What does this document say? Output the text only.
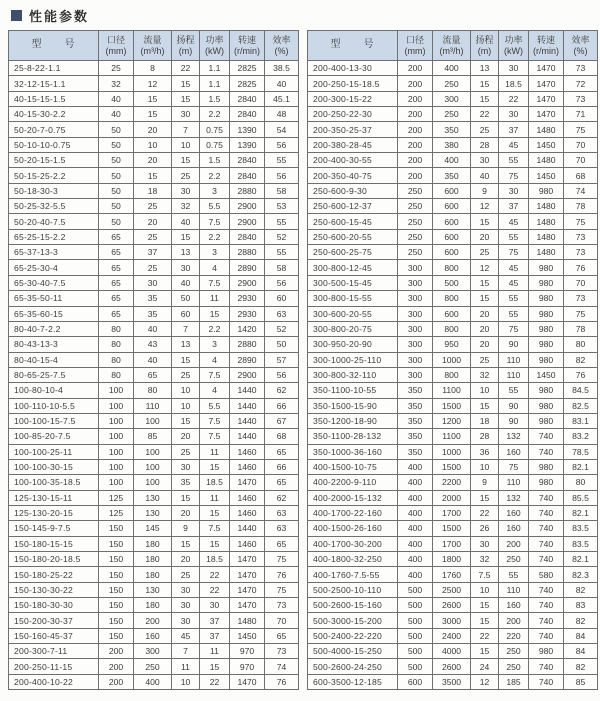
性能参数
型　　号	口径
(mm)

流量
(m³/h)

扬程
(m)

功率
(kW)

转速
(r/min)

效率
(%)

25-8-22-1.1	25	8	22	1.1	2825	38.5
32-12-15-1.1	32	12	15	1.1	2825	40
40-15-15-1.5	40	15	15	1.5	2840	45.1
40-15-30-2.2	40	15	30	2.2	2840	48
50-20-7-0.75	50	20	7	0.75	1390	54
50-10-10-0.75	50	10	10	0.75	1390	56
50-20-15-1.5	50	20	15	1.5	2840	55
50-15-25-2.2	50	15	25	2.2	2840	56
50-18-30-3	50	18	30	3	2880	58
50-25-32-5.5	50	25	32	5.5	2900	53
50-20-40-7.5	50	20	40	7.5	2900	55
65-25-15-2.2	65	25	15	2.2	2840	52
65-37-13-3	65	37	13	3	2880	55
65-25-30-4	65	25	30	4	2890	58
65-30-40-7.5	65	30	40	7.5	2900	56
65-35-50-11	65	35	50	11	2930	60
65-35-60-15	65	35	60	15	2930	63
80-40-7-2.2	80	40	7	2.2	1420	52
80-43-13-3	80	43	13	3	2880	50
80-40-15-4	80	40	15	4	2890	57
80-65-25-7.5	80	65	25	7.5	2900	56
100-80-10-4	100	80	10	4	1440	62
100-110-10-5.5	100	110	10	5.5	1440	66
100-100-15-7.5	100	100	15	7.5	1440	67
100-85-20-7.5	100	85	20	7.5	1440	68
100-100-25-11	100	100	25	11	1460	65
100-100-30-15	100	100	30	15	1460	66
100-100-35-18.5	100	100	35	18.5	1470	65
125-130-15-11	125	130	15	11	1460	62
125-130-20-15	125	130	20	15	1460	63
150-145-9-7.5	150	145	9	7.5	1440	63
150-180-15-15	150	180	15	15	1460	65
150-180-20-18.5	150	180	20	18.5	1470	75
150-180-25-22	150	180	25	22	1470	76
150-130-30-22	150	130	30	22	1470	75
150-180-30-30	150	180	30	30	1470	73
150-200-30-37	150	200	30	37	1480	70
150-160-45-37	150	160	45	37	1450	65
200-300-7-11	200	300	7	11	970	73
200-250-11-15	200	250	11	15	970	74
200-400-10-22	200	400	10	22	1470	76
型　　号	口径
(mm)

流量
(m³/h)

扬程
(m)

功率
(kW)

转速
(r/min)

效率
(%)

200-400-13-30	200	400	13	30	1470	73
200-250-15-18.5	200	250	15	18.5	1470	72
200-300-15-22	200	300	15	22	1470	73
200-250-22-30	200	250	22	30	1470	71
200-350-25-37	200	350	25	37	1480	75
200-380-28-45	200	380	28	45	1450	70
200-400-30-55	200	400	30	55	1480	70
200-350-40-75	200	350	40	75	1450	68
250-600-9-30	250	600	9	30	980	74
250-600-12-37	250	600	12	37	1480	78
250-600-15-45	250	600	15	45	1480	75
250-600-20-55	250	600	20	55	1480	73
250-600-25-75	250	600	25	75	1480	73
300-800-12-45	300	800	12	45	980	76
300-500-15-45	300	500	15	45	980	70
300-800-15-55	300	800	15	55	980	73
300-600-20-55	300	600	20	55	980	75
300-800-20-75	300	800	20	75	980	78
300-950-20-90	300	950	20	90	980	80
300-1000-25-110	300	1000	25	110	980	82
300-800-32-110	300	800	32	110	1450	76
350-1100-10-55	350	1100	10	55	980	84.5
350-1500-15-90	350	1500	15	90	980	82.5
350-1200-18-90	350	1200	18	90	980	83.1
350-1100-28-132	350	1100	28	132	740	83.2
350-1000-36-160	350	1000	36	160	740	78.5
400-1500-10-75	400	1500	10	75	980	82.1
400-2200-9-110	400	2200	9	110	980	80
400-2000-15-132	400	2000	15	132	740	85.5
400-1700-22-160	400	1700	22	160	740	82.1
400-1500-26-160	400	1500	26	160	740	83.5
400-1700-30-200	400	1700	30	200	740	83.5
400-1800-32-250	400	1800	32	250	740	82.1
400-1760-7.5-55	400	1760	7.5	55	580	82.3
500-2500-10-110	500	2500	10	110	740	82
500-2600-15-160	500	2600	15	160	740	83
500-3000-15-200	500	3000	15	200	740	82
500-2400-22-220	500	2400	22	220	740	84
500-4000-15-250	500	4000	15	250	980	84
500-2600-24-250	500	2600	24	250	740	82
600-3500-12-185	600	3500	12	185	740	85
